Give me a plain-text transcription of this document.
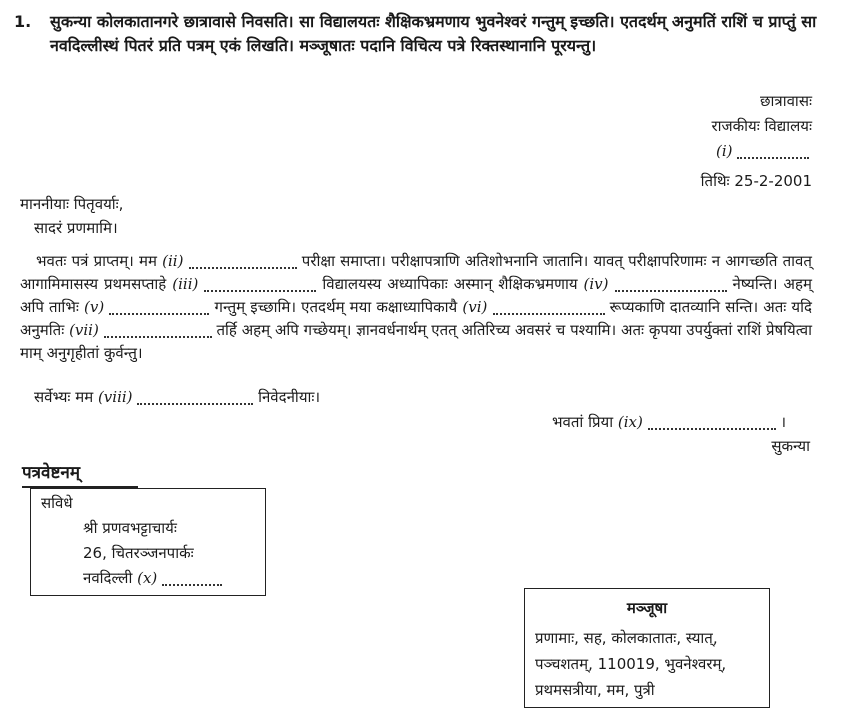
1. सुकन्या कोलकातानगरे छात्रावासे निवसति। सा विद्यालयतः शैक्षिकभ्रमणाय भुवनेश्वरं गन्तुम् इच्छति। एतदर्थम् अनुमतिं राशिं च प्राप्तुं सा नवदिल्लीस्थं पितरं प्रति पत्रम् एकं लिखति। मञ्जूषातः पदानि विचित्य पत्रे रिक्तस्थानानि पूरयन्तु।
छात्रावासः
राजकीयः विद्यालयः
(i)
तिथिः 25-2-2001
माननीयाः पितृवर्याः,
सादरं प्रणमामि।
भवतः पत्रं प्राप्तम्। मम (ii)	परीक्षा समाप्ता। परीक्षापत्राणि अतिशोभनानि जातानि। यावत् परीक्षापरिणामः न आगच्छति तावत् आगामिमासस्य प्रथमसप्ताहे (iii)	विद्यालयस्य अध्यापिकाः अस्मान् शैक्षिकभ्रमणाय (iv)	नेष्यन्ति। अहम् अपि ताभिः (v)	गन्तुम् इच्छामि। एतदर्थम् मया कक्षाध्यापिकायै (vi)	रूप्यकाणि दातव्यानि सन्ति। अतः यदि अनुमतिः (vii)	तर्हि अहम् अपि गच्छेयम्। ज्ञानवर्धनार्थम् एतत् अतिरिच्य अवसरं च पश्यामि। अतः कृपया उपर्युक्तां राशिं प्रेषयित्वा माम् अनुगृहीतां कुर्वन्तु।
सर्वेभ्यः मम (viii)	निवेदनीयाः।
भवतां प्रिया (ix)	।
सुकन्या
पत्रवेष्टनम्
सविधे
श्री प्रणवभट्टाचार्यः
26, चितरञ्जनपार्कः
नवदिल्ली (x)
मञ्जूषा
प्रणामाः, सह, कोलकातातः, स्यात्,
पञ्चशतम्, 110019, भुवनेश्वरम्,
प्रथमसत्रीया, मम, पुत्री
